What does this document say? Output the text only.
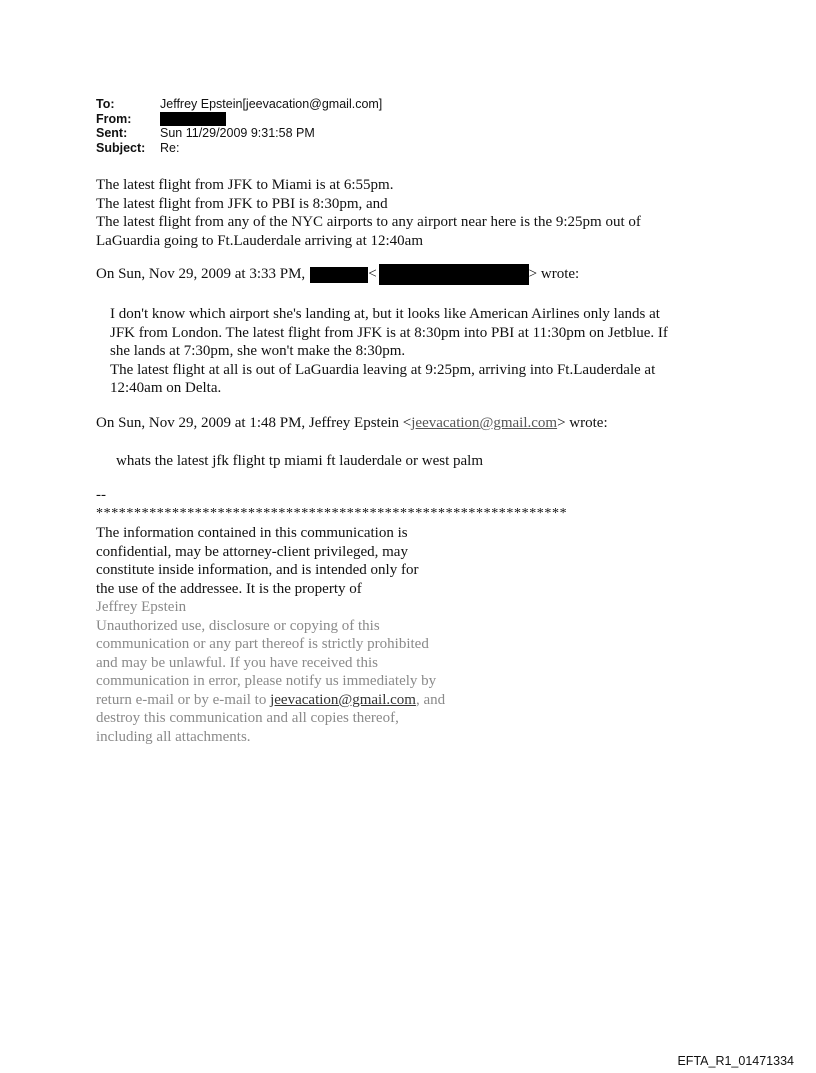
To:	Jeffrey Epstein[jeevacation@gmail.com]
From:
Sent:	Sun 11/29/2009 9:31:58 PM
Subject:	Re:
The latest flight from JFK to Miami is at 6:55pm.
The latest flight from JFK to PBI is 8:30pm, and
The latest flight from any of the NYC airports to any airport near here is the 9:25pm out of
LaGuardia going to Ft.Lauderdale arriving at 12:40am
On Sun, Nov 29, 2009 at 3:33 PM,	<	> wrote:
I don't know which airport she's landing at, but it looks like American Airlines only lands at
JFK from London. The latest flight from JFK is at 8:30pm into PBI at 11:30pm on Jetblue. If
she lands at 7:30pm, she won't make the 8:30pm.
The latest flight at all is out of LaGuardia leaving at 9:25pm, arriving into Ft.Lauderdale at
12:40am on Delta.
On Sun, Nov 29, 2009 at 1:48 PM, Jeffrey Epstein <jeevacation@gmail.com> wrote:
whats the latest jfk flight tp miami ft lauderdale or west palm
--
**************************************************************
The information contained in this communication is
confidential, may be attorney-client privileged, may
constitute inside information, and is intended only for
the use of the addressee. It is the property of
Jeffrey Epstein
Unauthorized use, disclosure or copying of this
communication or any part thereof is strictly prohibited
and may be unlawful. If you have received this
communication in error, please notify us immediately by
return e-mail or by e-mail to jeevacation@gmail.com, and
destroy this communication and all copies thereof,
including all attachments.
EFTA_R1_01471334
